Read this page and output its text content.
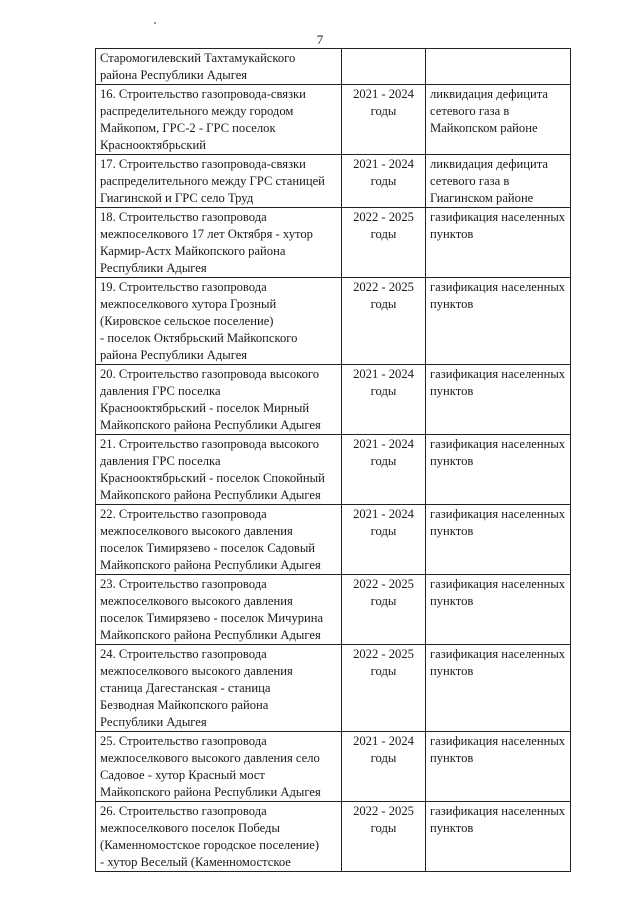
7
Старомогилевский Тахтамукайского
района Республики Адыгея		

16. Строительство газопровода-связки
распределительного между городом
Майкопом, ГРС-2 - ГРС поселок
Краснооктябрьский	2021 - 2024
годы	ликвидация дефицита
сетевого газа в
Майкопском районе

17. Строительство газопровода-связки
распределительного между ГРС станицей
Гиагинской и ГРС село Труд	2021 - 2024
годы	ликвидация дефицита
сетевого газа в
Гиагинском районе

18. Строительство газопровода
межпоселкового 17 лет Октября - хутор
Кармир-Астх Майкопского района
Республики Адыгея	2022 - 2025
годы	газификация населенных
пунктов

19. Строительство газопровода
межпоселкового хутора Грозный
(Кировское сельское поселение)
- поселок Октябрьский Майкопского
района Республики Адыгея	2022 - 2025
годы	газификация населенных
пунктов

20. Строительство газопровода высокого
давления ГРС поселка
Краснооктябрьский - поселок Мирный
Майкопского района Республики Адыгея	2021 - 2024
годы	газификация населенных
пунктов

21. Строительство газопровода высокого
давления ГРС поселка
Краснооктябрьский - поселок Спокойный
Майкопского района Республики Адыгея	2021 - 2024
годы	газификация населенных
пунктов

22. Строительство газопровода
межпоселкового высокого давления
поселок Тимирязево - поселок Садовый
Майкопского района Республики Адыгея	2021 - 2024
годы	газификация населенных
пунктов

23. Строительство газопровода
межпоселкового высокого давления
поселок Тимирязево - поселок Мичурина
Майкопского района Республики Адыгея	2022 - 2025
годы	газификация населенных
пунктов

24. Строительство газопровода
межпоселкового высокого давления
станица Дагестанская - станица
Безводная Майкопского района
Республики Адыгея	2022 - 2025
годы	газификация населенных
пунктов

25. Строительство газопровода
межпоселкового высокого давления село
Садовое - хутор Красный мост
Майкопского района Республики Адыгея	2021 - 2024
годы	газификация населенных
пунктов

26. Строительство газопровода
межпоселкового поселок Победы
(Каменномостское городское поселение)
- хутор Веселый (Каменномостское	2022 - 2025
годы	газификация населенных
пунктов
